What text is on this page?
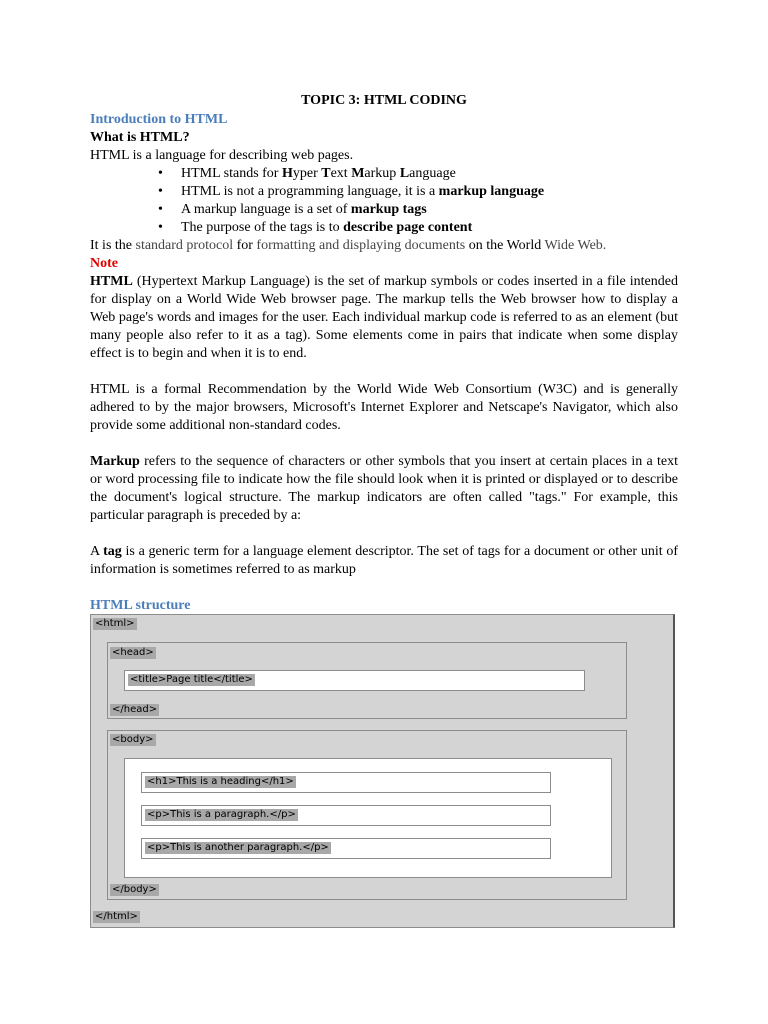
TOPIC 3: HTML CODING
Introduction to HTML
What is HTML?
HTML is a language for describing web pages.
• HTML stands for Hyper Text Markup Language
• HTML is not a programming language, it is a markup language
• A markup language is a set of markup tags
• The purpose of the tags is to describe page content
It is the standard protocol for formatting and displaying documents on the World Wide Web.
Note

HTML (Hypertext Markup Language) is the set of markup symbols or codes inserted in a file intended for display on a World Wide Web browser page. The markup tells the Web browser how to display a Web page's words and images for the user. Each individual markup code is referred to as an element (but many people also refer to it as a tag). Some elements come in pairs that indicate when some display effect is to begin and when it is to end.

HTML is a formal Recommendation by the World Wide Web Consortium (W3C) and is generally adhered to by the major browsers, Microsoft's Internet Explorer and Netscape's Navigator, which also provide some additional non-standard codes.

Markup refers to the sequence of characters or other symbols that you insert at certain places in a text or word processing file to indicate how the file should look when it is printed or displayed or to describe the document's logical structure. The markup indicators are often called "tags." For example, this particular paragraph is preceded by a:

A tag is a generic term for a language element descriptor. The set of tags for a document or other unit of information is sometimes referred to as markup

HTML structure
<html>
<head>
<title>Page title</title>
</head>
<body>
<h1>This is a heading</h1>
<p>This is a paragraph.</p>
<p>This is another paragraph.</p>
</body>
</html>
